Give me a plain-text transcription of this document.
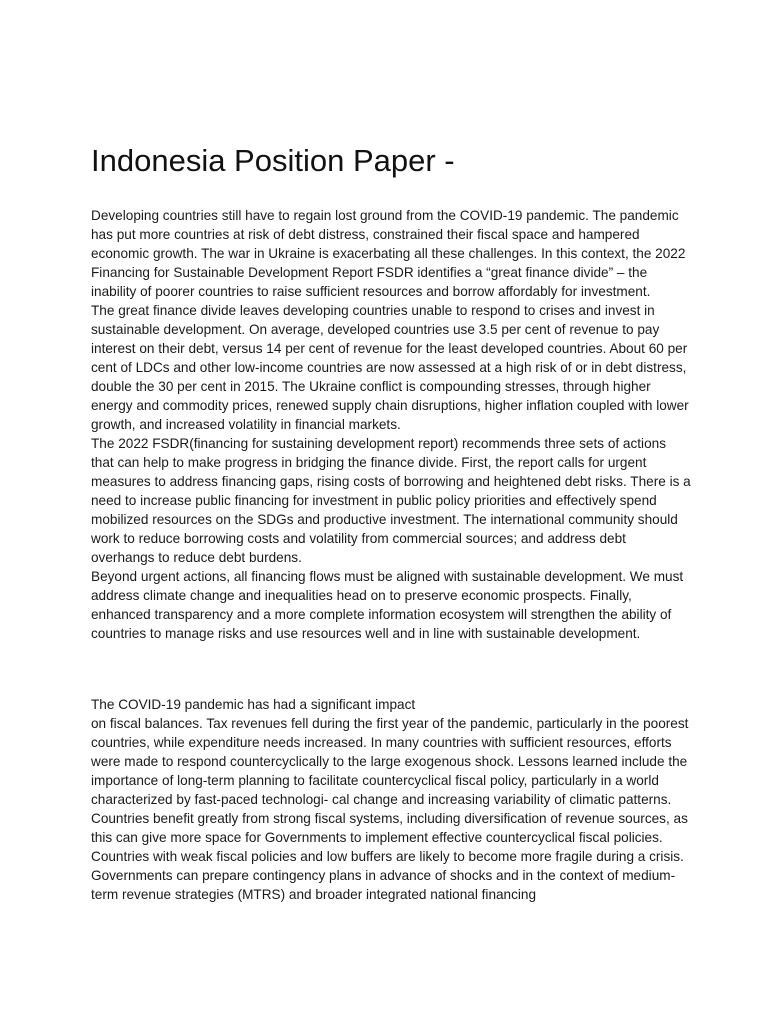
Indonesia Position Paper -

Developing countries still have to regain lost ground from the COVID-19 pandemic. The pandemic has put more countries at risk of debt distress, constrained their fiscal space and hampered economic growth. The war in Ukraine is exacerbating all these challenges. In this context, the 2022 Financing for Sustainable Development Report FSDR identifies a “great finance divide” – the inability of poorer countries to raise sufficient resources and borrow affordably for investment.

The great finance divide leaves developing countries unable to respond to crises and invest in sustainable development. On average, developed countries use 3.5 per cent of revenue to pay interest on their debt, versus 14 per cent of revenue for the least developed countries. About 60 per cent of LDCs and other low-income countries are now assessed at a high risk of or in debt distress, double the 30 per cent in 2015. The Ukraine conflict is compounding stresses, through higher energy and commodity prices, renewed supply chain disruptions, higher inflation coupled with lower growth, and increased volatility in financial markets.

The 2022 FSDR(financing for sustaining development report) recommends three sets of actions that can help to make progress in bridging the finance divide. First, the report calls for urgent measures to address financing gaps, rising costs of borrowing and heightened debt risks. There is a need to increase public financing for investment in public policy priorities and effectively spend mobilized resources on the SDGs and productive investment. The international community should work to reduce borrowing costs and volatility from commercial sources; and address debt overhangs to reduce debt burdens.

Beyond urgent actions, all financing flows must be aligned with sustainable development. We must address climate change and inequalities head on to preserve economic prospects. Finally, enhanced transparency and a more complete information ecosystem will strengthen the ability of countries to manage risks and use resources well and in line with sustainable development.

The COVID-19 pandemic has had a significant impact

on fiscal balances. Tax revenues fell during the first year of the pandemic, particularly in the poorest countries, while expenditure needs increased. In many countries with sufficient resources, efforts were made to respond countercyclically to the large exogenous shock. Lessons learned include the importance of long-term planning to facilitate countercyclical fiscal policy, particularly in a world characterized by fast-paced technologi- cal change and increasing variability of climatic patterns.

Countries benefit greatly from strong fiscal systems, including diversification of revenue sources, as this can give more space for Governments to implement effective countercyclical fiscal policies. Countries with weak fiscal policies and low buffers are likely to become more fragile during a crisis. Governments can prepare contingency plans in advance of shocks and in the context of medium-term revenue strategies (MTRS) and broader integrated national financing
